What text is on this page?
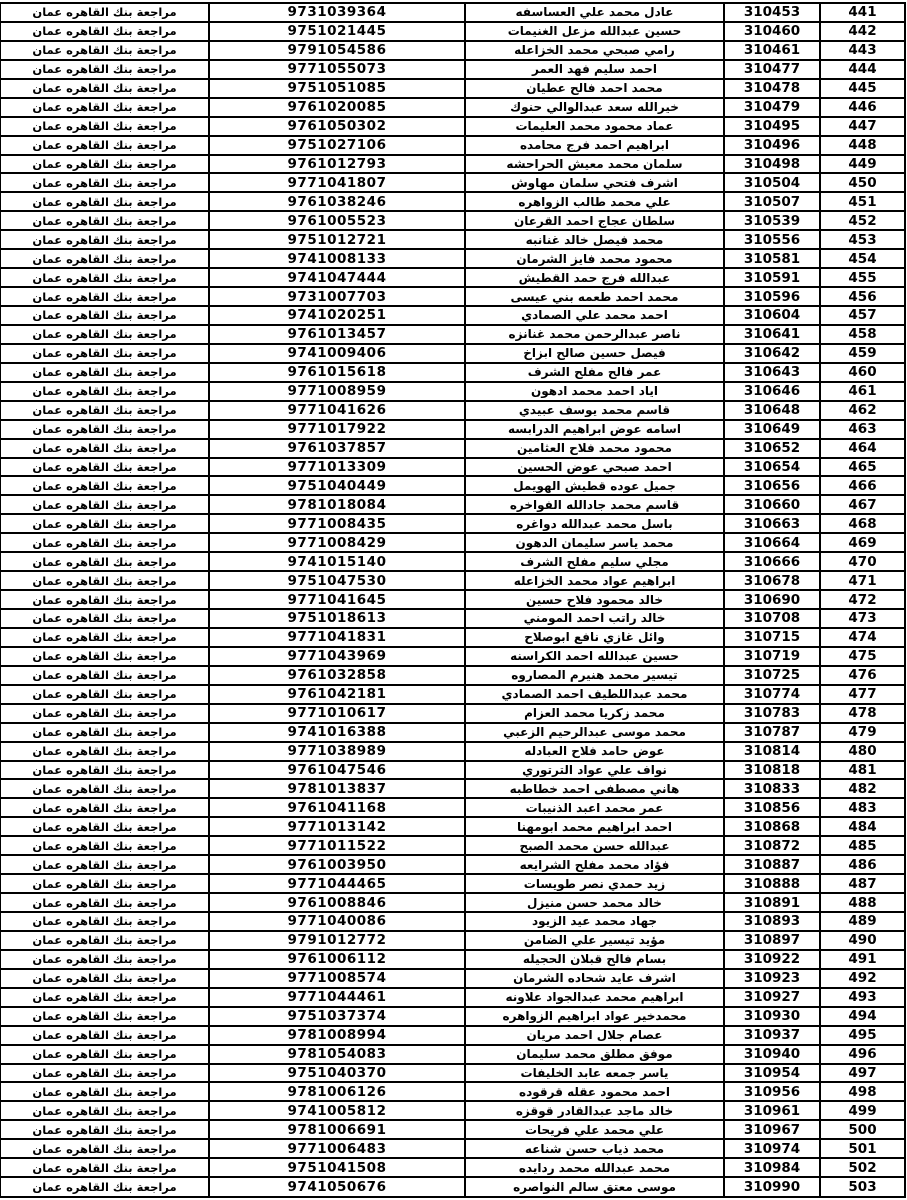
441	310453	عادل محمد علي العساسفه	9731039364	مراجعة بنك القاهره عمان
442	310460	حسين عبدالله مزعل الغنيمات	9751021445	مراجعة بنك القاهره عمان
443	310461	رامي صبحي محمد الخزاعله	9791054586	مراجعة بنك القاهره عمان
444	310477	احمد سليم فهد العمر	9771055073	مراجعة بنك القاهره عمان
445	310478	محمد احمد فالح عطيان	9751051085	مراجعة بنك القاهره عمان
446	310479	خيرالله سعد عبدالوالي حنوك	9761020085	مراجعة بنك القاهره عمان
447	310495	عماد محمود محمد العليمات	9761050302	مراجعة بنك القاهره عمان
448	310496	ابراهيم احمد فرج محامده	9751027106	مراجعة بنك القاهره عمان
449	310498	سلمان محمد معيش الحراحشه	9761012793	مراجعة بنك القاهره عمان
450	310504	اشرف فتحي سلمان مهاوش	9771041807	مراجعة بنك القاهره عمان
451	310507	علي محمد طالب الزواهره	9761038246	مراجعة بنك القاهره عمان
452	310539	سلطان عجاج احمد القرعان	9761005523	مراجعة بنك القاهره عمان
453	310556	محمد فيصل خالد غنانبه	9751012721	مراجعة بنك القاهره عمان
454	310581	محمود محمد فايز الشرمان	9741008133	مراجعة بنك القاهره عمان
455	310591	عبدالله فرج حمد القطيش	9741047444	مراجعة بنك القاهره عمان
456	310596	محمد احمد طعمه بني عيسى	9731007703	مراجعة بنك القاهره عمان
457	310604	احمد محمد علي الصمادي	9741020251	مراجعة بنك القاهره عمان
458	310641	ناصر عبدالرحمن محمد غنانزه	9761013457	مراجعة بنك القاهره عمان
459	310642	فيصل حسين صالح ابزاخ	9741009406	مراجعة بنك القاهره عمان
460	310643	عمر فالح مفلح الشرف	9761015618	مراجعة بنك القاهره عمان
461	310646	اياد احمد محمد ادهون	9771008959	مراجعة بنك القاهره عمان
462	310648	قاسم محمد يوسف عبيدي	9771041626	مراجعة بنك القاهره عمان
463	310649	اسامه عوض ابراهيم الدرابسه	9771017922	مراجعة بنك القاهره عمان
464	310652	محمود محمد فلاح العثامين	9761037857	مراجعة بنك القاهره عمان
465	310654	احمد صبحي عوض الحسين	9771013309	مراجعة بنك القاهره عمان
466	310656	جميل عوده قطيش الهويمل	9751040449	مراجعة بنك القاهره عمان
467	310660	قاسم محمد جادالله الفواخره	9781018084	مراجعة بنك القاهره عمان
468	310663	باسل محمد عبدالله دواغره	9771008435	مراجعة بنك القاهره عمان
469	310664	محمد ياسر سليمان الدهون	9771008429	مراجعة بنك القاهره عمان
470	310666	مجلي سليم مفلح الشرف	9741015140	مراجعة بنك القاهره عمان
471	310678	ابراهيم عواد محمد الخزاعله	9751047530	مراجعة بنك القاهره عمان
472	310690	خالد محمود فلاح حسين	9771041645	مراجعة بنك القاهره عمان
473	310708	خالد راتب احمد المومني	9751018613	مراجعة بنك القاهره عمان
474	310715	وائل غازي نافع ابوصلاح	9771041831	مراجعة بنك القاهره عمان
475	310719	حسين عبدالله احمد الكراسنه	9771043969	مراجعة بنك القاهره عمان
476	310725	تيسير محمد هنيرم المصاروه	9761032858	مراجعة بنك القاهره عمان
477	310774	محمد عبداللطيف احمد الصمادي	9761042181	مراجعة بنك القاهره عمان
478	310783	محمد زكريا محمد العزام	9771010617	مراجعة بنك القاهره عمان
479	310787	محمد موسى عبدالرحيم الزعبي	9741016388	مراجعة بنك القاهره عمان
480	310814	عوض حامد فلاح العبادله	9771038989	مراجعة بنك القاهره عمان
481	310818	نواف علي عواد الترتوري	9761047546	مراجعة بنك القاهره عمان
482	310833	هاني مصطفى احمد خطاطبه	9781013837	مراجعة بنك القاهره عمان
483	310856	عمر محمد اعبد الذنيبات	9761041168	مراجعة بنك القاهره عمان
484	310868	احمد ابراهيم محمد ابومهنا	9771013142	مراجعة بنك القاهره عمان
485	310872	عبدالله حسن محمد الصبح	9771011522	مراجعة بنك القاهره عمان
486	310887	فؤاد محمد مفلح الشرايعه	9761003950	مراجعة بنك القاهره عمان
487	310888	زيد حمدي نصر طويسات	9771044465	مراجعة بنك القاهره عمان
488	310891	خالد محمد حسن منيزل	9761008846	مراجعة بنك القاهره عمان
489	310893	جهاد محمد عيد الزيود	9771040086	مراجعة بنك القاهره عمان
490	310897	مؤيد تيسير علي الضامن	9791012772	مراجعة بنك القاهره عمان
491	310922	بسام فالح قبلان الحجيله	9761006112	مراجعة بنك القاهره عمان
492	310923	اشرف عايد شحاده الشرمان	9771008574	مراجعة بنك القاهره عمان
493	310927	ابراهيم محمد عبدالجواد علاونه	9771044461	مراجعة بنك القاهره عمان
494	310930	محمدخير عواد ابراهيم الزواهره	9751037374	مراجعة بنك القاهره عمان
495	310937	عصام جلال احمد مريان	9781008994	مراجعة بنك القاهره عمان
496	310940	موفق مطلق محمد سليمان	9781054083	مراجعة بنك القاهره عمان
497	310954	ياسر جمعه عابد الخليفات	9751040370	مراجعة بنك القاهره عمان
498	310956	احمد محمود عقله قرقوده	9781006126	مراجعة بنك القاهره عمان
499	310961	خالد ماجد عبدالقادر قوقزه	9741005812	مراجعة بنك القاهره عمان
500	310967	علي محمد علي فريحات	9781006691	مراجعة بنك القاهره عمان
501	310974	محمد ذياب حسن شناعه	9771006483	مراجعة بنك القاهره عمان
502	310984	محمد عبدالله محمد ردايده	9751041508	مراجعة بنك القاهره عمان
503	310990	موسى معتق سالم النواصره	9741050676	مراجعة بنك القاهره عمان
